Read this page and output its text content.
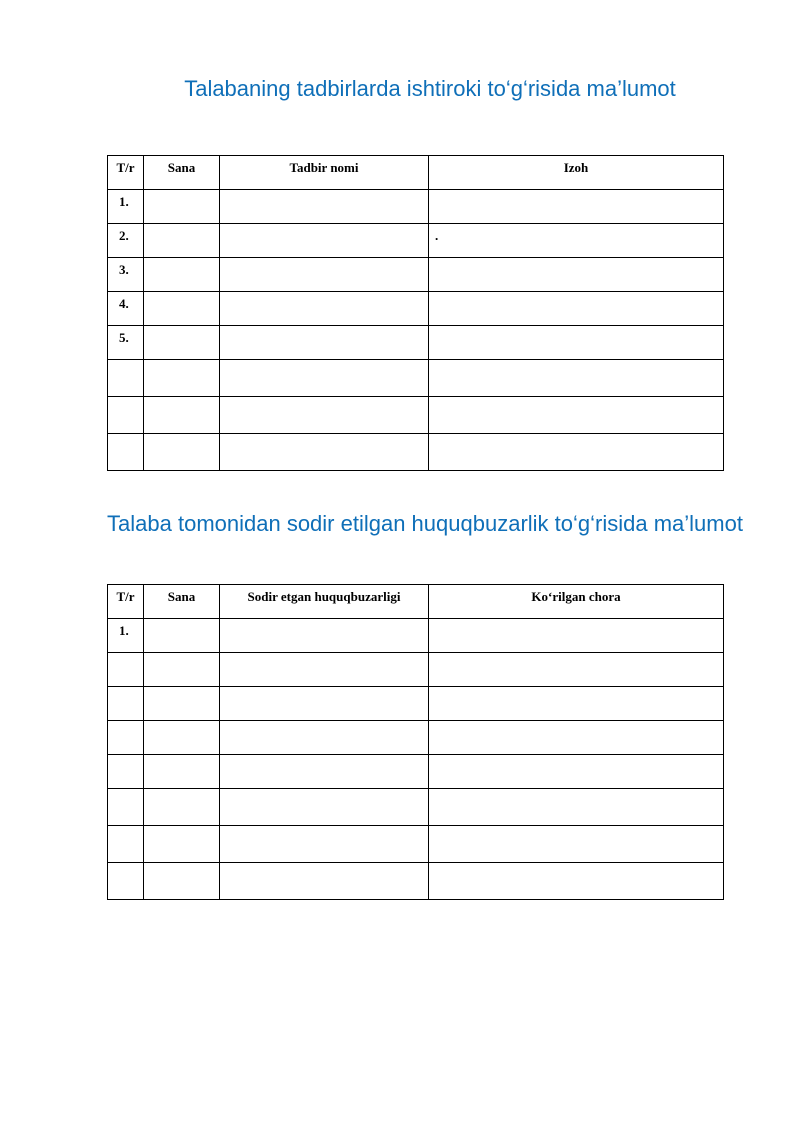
Talabaning tadbirlarda ishtiroki to‘g‘risida ma’lumot
T/r	Sana	Tadbir nomi	Izoh
1.			

2.			.

3.			

4.			

5.			

Talaba tomonidan sodir etilgan huquqbuzarlik to‘g‘risida ma’lumot
T/r	Sana	Sodir etgan huquqbuzarligi	Ko‘rilgan chora
1.			
